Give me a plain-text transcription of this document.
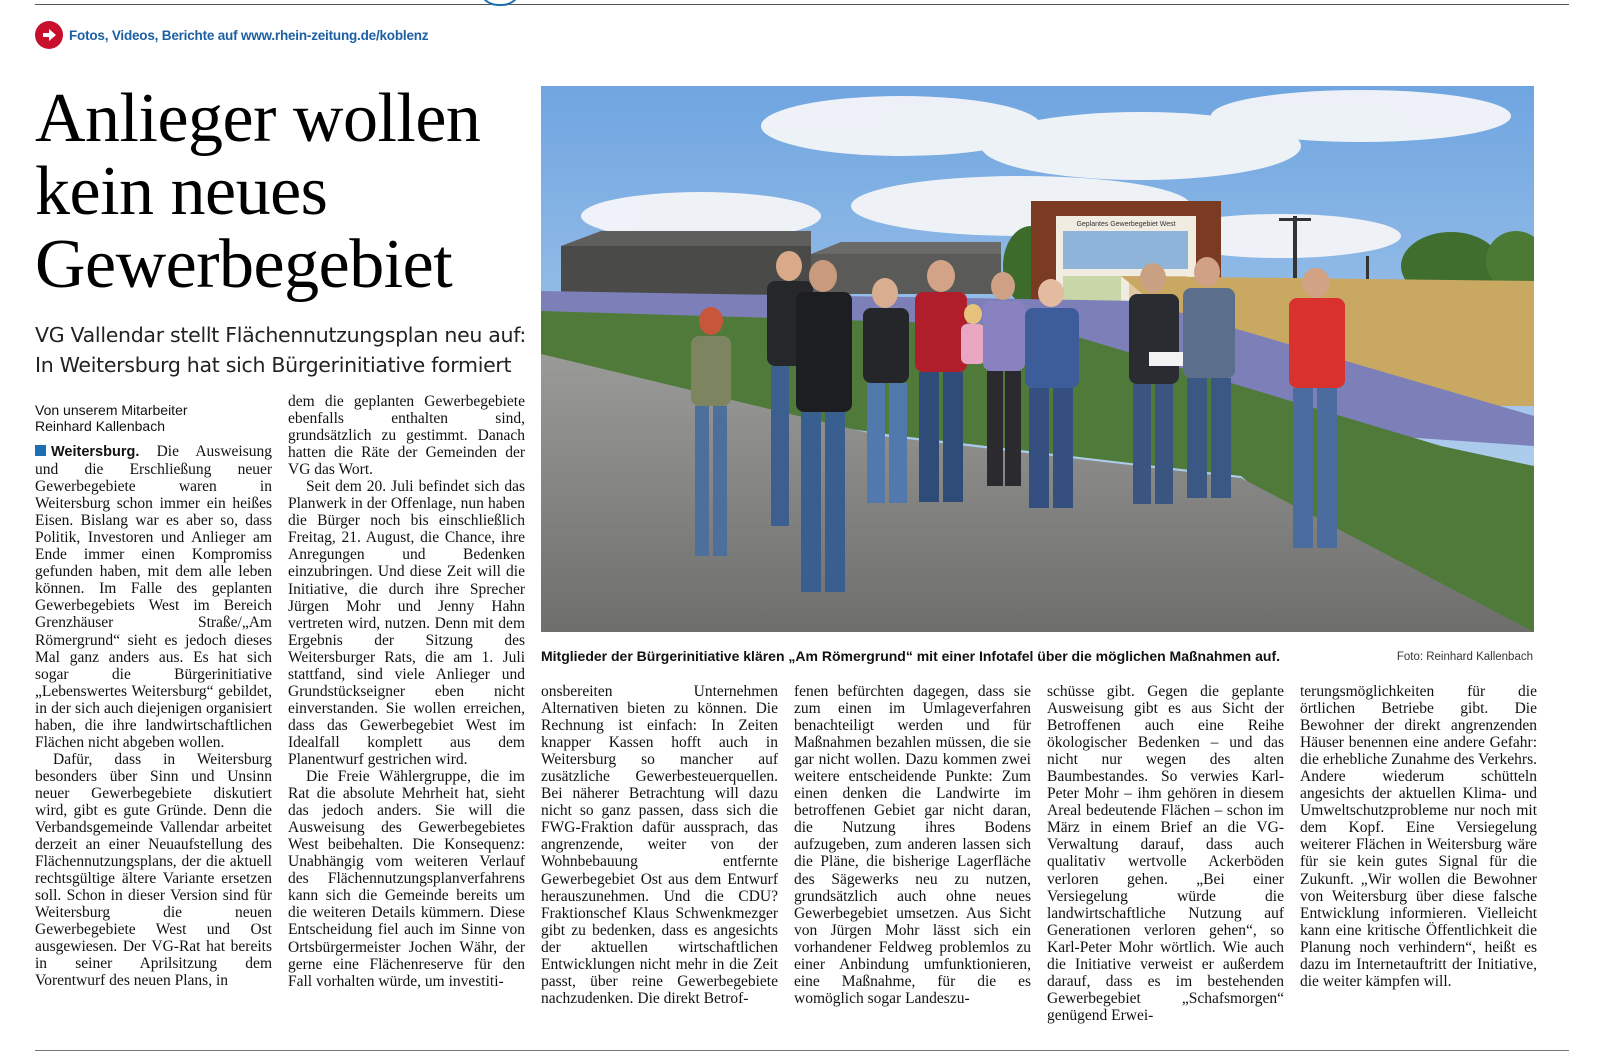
Fotos, Videos, Berichte auf www.rhein-zeitung.de/koblenz
Anlieger wollen kein neues Gewerbegebiet
VG Vallendar stellt Flächennutzungsplan neu auf: In Weitersburg hat sich Bürgerinitiative formiert
Von unserem Mitarbeiter
Reinhard Kallenbach

Weitersburg. Die Ausweisung und die Erschließung neuer Gewerbegebiete waren in Weitersburg schon immer ein heißes Eisen. Bislang war es aber so, dass Politik, Investoren und Anlieger am Ende immer einen Kompromiss gefunden haben, mit dem alle leben können. Im Falle des geplanten Gewerbegebiets West im Bereich Grenzhäuser Straße/„Am Römergrund“ sieht es jedoch dieses Mal ganz anders aus. Es hat sich sogar die Bürgerinitiative „Lebenswertes Weitersburg“ gebildet, in der sich auch diejenigen organisiert haben, die ihre landwirtschaftlichen Flächen nicht abgeben wollen.

Dafür, dass in Weitersburg besonders über Sinn und Unsinn neuer Gewerbegebiete diskutiert wird, gibt es gute Gründe. Denn die Verbandsgemeinde Vallendar arbeitet derzeit an einer Neuaufstellung des Flächennutzungsplans, der die aktuell rechtsgültige ältere Variante ersetzen soll. Schon in dieser Version sind für Weitersburg die neuen Gewerbegebiete West und Ost ausgewiesen. Der VG-Rat hat bereits in seiner Aprilsitzung dem Vorentwurf des neuen Plans, in

dem die geplanten Gewerbegebiete ebenfalls enthalten sind, grundsätzlich zu gestimmt. Danach hatten die Räte der Gemeinden der VG das Wort.

Seit dem 20. Juli befindet sich das Planwerk in der Offenlage, nun haben die Bürger noch bis einschließlich Freitag, 21. August, die Chance, ihre Anregungen und Bedenken einzubringen. Und diese Zeit will die Initiative, die durch ihre Sprecher Jürgen Mohr und Jenny Hahn vertreten wird, nutzen. Denn mit dem Ergebnis der Sitzung des Weitersburger Rats, die am 1. Juli stattfand, sind viele Anlieger und Grundstückseigner eben nicht einverstanden. Sie wollen erreichen, dass das Gewerbegebiet West im Idealfall komplett aus dem Planentwurf gestrichen wird.

Die Freie Wählergruppe, die im Rat die absolute Mehrheit hat, sieht das jedoch anders. Sie will die Ausweisung des Gewerbegebietes West beibehalten. Die Konsequenz: Unabhängig vom weiteren Verlauf des Flächennutzungsplanverfahrens kann sich die Gemeinde bereits um die weiteren Details kümmern. Diese Entscheidung fiel auch im Sinne von Ortsbürgermeister Jochen Währ, der gerne eine Flächenreserve für den Fall vorhalten würde, um investiti-

Geplantes Gewerbegebiet West
Mitglieder der Bürgerinitiative klären „Am Römergrund“ mit einer Infotafel über die möglichen Maßnahmen auf.	Foto: Reinhard Kallenbach

onsbereiten Unternehmen Alternativen bieten zu können. Die Rechnung ist einfach: In Zeiten knapper Kassen hofft auch in Weitersburg so mancher auf zusätzliche Gewerbesteuerquellen. Bei näherer Betrachtung will dazu nicht so ganz passen, dass sich die FWG-Fraktion dafür aussprach, das angrenzende, weiter von der Wohnbebauung entfernte Gewerbegebiet Ost aus dem Entwurf herauszunehmen. Und die CDU? Fraktionschef Klaus Schwenkmezger gibt zu bedenken, dass es angesichts der aktuellen wirtschaftlichen Entwicklungen nicht mehr in die Zeit passt, über reine Gewerbegebiete nachzudenken. Die direkt Betrof-

fenen befürchten dagegen, dass sie zum einen im Umlageverfahren benachteiligt werden und für Maßnahmen bezahlen müssen, die sie gar nicht wollen. Dazu kommen zwei weitere entscheidende Punkte: Zum einen denken die Landwirte im betroffenen Gebiet gar nicht daran, die Nutzung ihres Bodens aufzugeben, zum anderen lassen sich die Pläne, die bisherige Lagerfläche des Sägewerks neu zu nutzen, grundsätzlich auch ohne neues Gewerbegebiet umsetzen. Aus Sicht von Jürgen Mohr lässt sich ein vorhandener Feldweg problemlos zu einer Anbindung umfunktionieren, eine Maßnahme, für die es womöglich sogar Landeszu-

schüsse gibt. Gegen die geplante Ausweisung gibt es aus Sicht der Betroffenen auch eine Reihe ökologischer Bedenken – und das nicht nur wegen des alten Baumbestandes. So verwies Karl-Peter Mohr – ihm gehören in diesem Areal bedeutende Flächen – schon im März in einem Brief an die VG-Verwaltung darauf, dass auch qualitativ wertvolle Ackerböden verloren gehen. „Bei einer Versiegelung würde die landwirtschaftliche Nutzung auf Generationen verloren gehen“, so Karl-Peter Mohr wörtlich. Wie auch die Initiative verweist er außerdem darauf, dass es im bestehenden Gewerbegebiet „Schafsmorgen“ genügend Erwei-

terungsmöglichkeiten für die örtlichen Betriebe gibt. Die Bewohner der direkt angrenzenden Häuser benennen eine andere Gefahr: die erhebliche Zunahme des Verkehrs. Andere wiederum schütteln angesichts der aktuellen Klima- und Umweltschutzprobleme nur noch mit dem Kopf. Eine Versiegelung weiterer Flächen in Weitersburg wäre für sie kein gutes Signal für die Zukunft. „Wir wollen die Bewohner von Weitersburg über diese falsche Entwicklung informieren. Vielleicht kann eine kritische Öffentlichkeit die Planung noch verhindern“, heißt es dazu im Internetauftritt der Initiative, die weiter kämpfen will.
